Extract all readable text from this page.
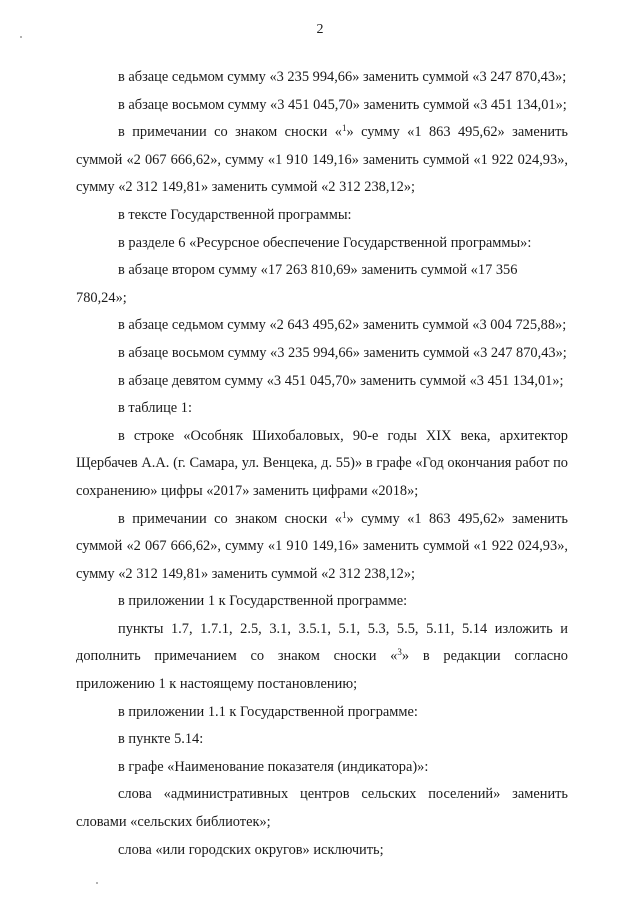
2

в абзаце седьмом сумму «3 235 994,66» заменить суммой «3 247 870,43»;

в абзаце восьмом сумму «3 451 045,70» заменить суммой «3 451 134,01»;

в примечании со знаком сноски «$^1$» сумму «1 863 495,62» заменить суммой «2 067 666,62», сумму «1 910 149,16» заменить суммой «1 922 024,93», сумму «2 312 149,81» заменить суммой «2 312 238,12»;

в тексте Государственной программы:

в разделе 6 «Ресурсное обеспечение Государственной программы»:

в абзаце втором сумму «17 263 810,69» заменить суммой «17 356 780,24»;

в абзаце седьмом сумму «2 643 495,62» заменить суммой «3 004 725,88»;

в абзаце восьмом сумму «3 235 994,66» заменить суммой «3 247 870,43»;

в абзаце девятом сумму «3 451 045,70» заменить суммой «3 451 134,01»;

в таблице 1:

в строке «Особняк Шихобаловых, 90-е годы XIX века, архитектор Щербачев А.А. (г. Самара, ул. Венцека, д. 55)» в графе «Год окончания работ по сохранению» цифры «2017» заменить цифрами «2018»;

в примечании со знаком сноски «$^1$» сумму «1 863 495,62» заменить суммой «2 067 666,62», сумму «1 910 149,16» заменить суммой «1 922 024,93», сумму «2 312 149,81» заменить суммой «2 312 238,12»;

в приложении 1 к Государственной программе:

пункты 1.7, 1.7.1, 2.5, 3.1, 3.5.1, 5.1, 5.3, 5.5, 5.11, 5.14 изложить и дополнить примечанием со знаком сноски «$^3$» в редакции согласно приложению 1 к настоящему постановлению;

в приложении 1.1 к Государственной программе:

в пункте 5.14:

в графе «Наименование показателя (индикатора)»:

слова «административных центров сельских поселений» заменить словами «сельских библиотек»;

слова «или городских округов» исключить;
